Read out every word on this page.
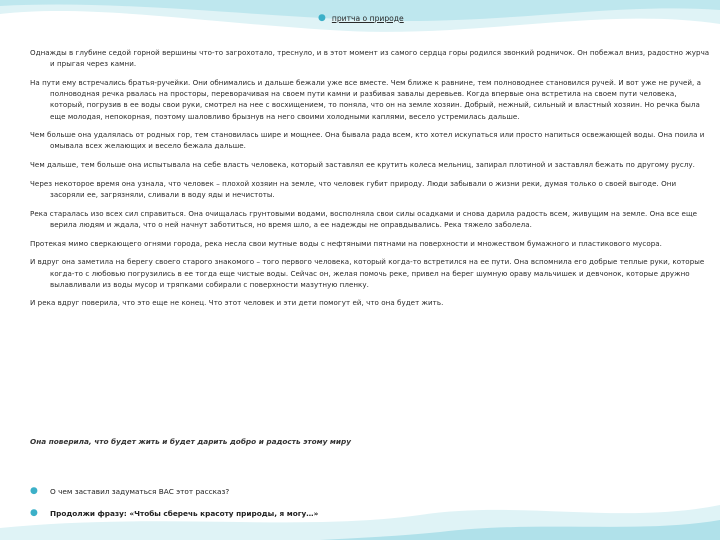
● притча о природе

Однажды в глубине седой горной вершины что-то загрохотало, треснуло, и в этот момент из самого сердца горы родился звонкий родничок. Он побежал вниз, радостно журча и прыгая через камни.

На пути ему встречались братья-ручейки. Они обнимались и дальше бежали уже все вместе. Чем ближе к равнине, тем полноводнее становился ручей. И вот уже не ручей, а полноводная речка рвалась на просторы, переворачивая на своем пути камни и разбивая завалы деревьев. Когда впервые она встретила на своем пути человека, который, погрузив в ее воды свои руки, смотрел на нее с восхищением, то поняла, что он на земле хозяин. Добрый, нежный, сильный и властный хозяин. Но речка была еще молодая, непокорная, поэтому шаловливо брызнув на него своими холодными каплями, весело устремилась дальше.

Чем больше она удалялась от родных гор, тем становилась шире и мощнее. Она бывала рада всем, кто хотел искупаться или просто напиться освежающей воды. Она поила и омывала всех желающих и весело бежала дальше.

Чем дальше, тем больше она испытывала на себе власть человека, который заставлял ее крутить колеса мельниц, запирал плотиной и заставлял бежать по другому руслу.

Через некоторое время она узнала, что человек – плохой хозяин на земле, что человек губит природу. Люди забывали о жизни реки, думая только о своей выгоде. Они засоряли ее, загрязняли, сливали в воду яды и нечистоты.

Река старалась изо всех сил справиться. Она очищалась грунтовыми водами, восполняла свои силы осадками и снова дарила радость всем, живущим на земле. Она все еще верила людям и ждала, что о ней начнут заботиться, но время шло, а ее надежды не оправдывались. Река тяжело заболела.

Протекая мимо сверкающего огнями города, река несла свои мутные воды с нефтяными пятнами на поверхности и множеством бумажного и пластикового мусора.

И вдруг она заметила на берегу своего старого знакомого – того первого человека, который когда-то встретился на ее пути. Она вспомнила его добрые теплые руки, которые когда-то с любовью погрузились в ее тогда еще чистые воды. Сейчас он, желая помочь реке, привел на берег шумную ораву мальчишек и девчонок, которые дружно вылавливали из воды мусор и тряпками собирали с поверхности мазутную пленку.

И река вдруг поверила, что это еще не конец. Что этот человек и эти дети помогут ей, что она будет жить.

Она поверила, что будет жить и будет дарить добро и радость этому миру
●	О чем заставил задуматься ВАС этот рассказ?
●	Продолжи фразу: «Чтобы сберечь красоту природы, я могу…»
